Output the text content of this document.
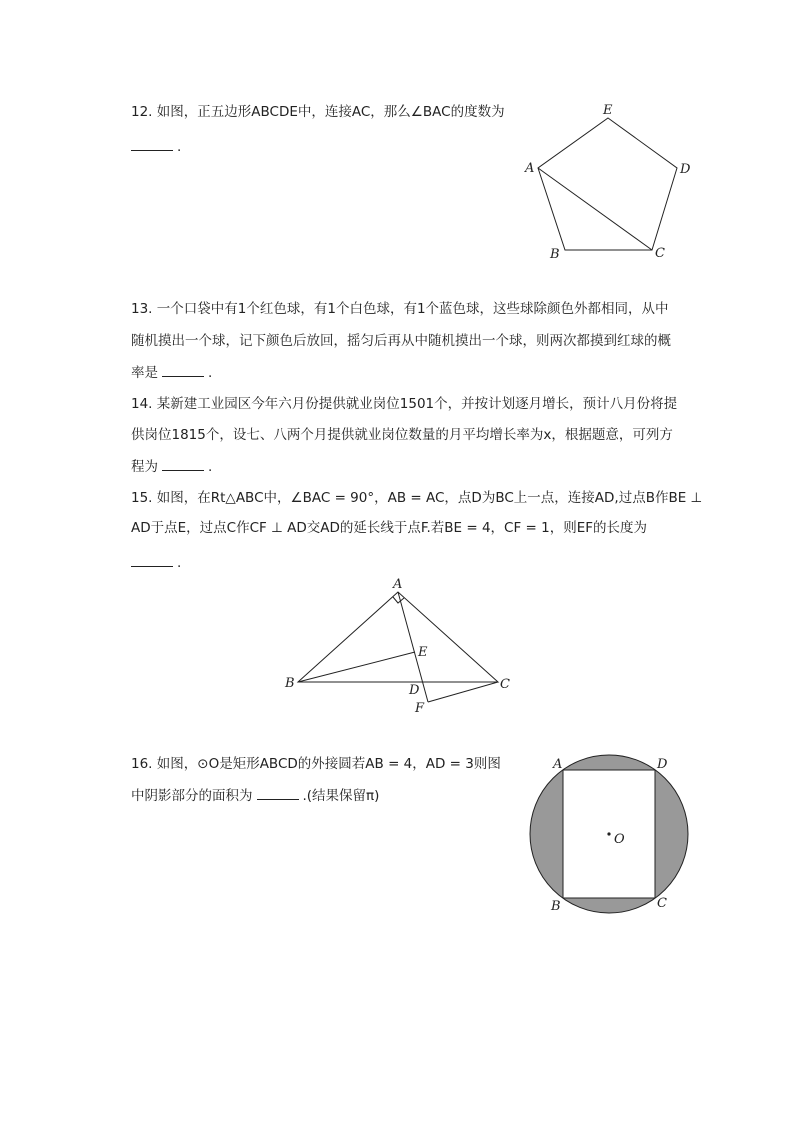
12. 如图，正五边形ABCDE中，连接AC，那么∠BAC的度数为
.
E
D
A
B	C
13. 一个口袋中有1个红色球，有1个白色球，有1个蓝色球，这些球除颜色外都相同，从中
随机摸出一个球，记下颜色后放回，摇匀后再从中随机摸出一个球，则两次都摸到红球的概
率是	.
14. 某新建工业园区今年六月份提供就业岗位1501个，并按计划逐月增长，预计八月份将提
供岗位1815个，设七、八两个月提供就业岗位数量的月平均增长率为x，根据题意，可列方
程为	.
15. 如图，在Rt△ABC中，∠BAC = 90°，AB = AC，点D为BC上一点，连接AD,过点B作BE ⊥
AD于点E，过点C作CF ⊥ AD交AD的延长线于点F.若BE = 4，CF = 1，则EF的长度为
.
A
B	C
E
D
F
16. 如图，⊙O是矩形ABCD的外接圆若AB = 4，AD = 3则图
中阴影部分的面积为	.(结果保留π)
O
A	D
B	C
